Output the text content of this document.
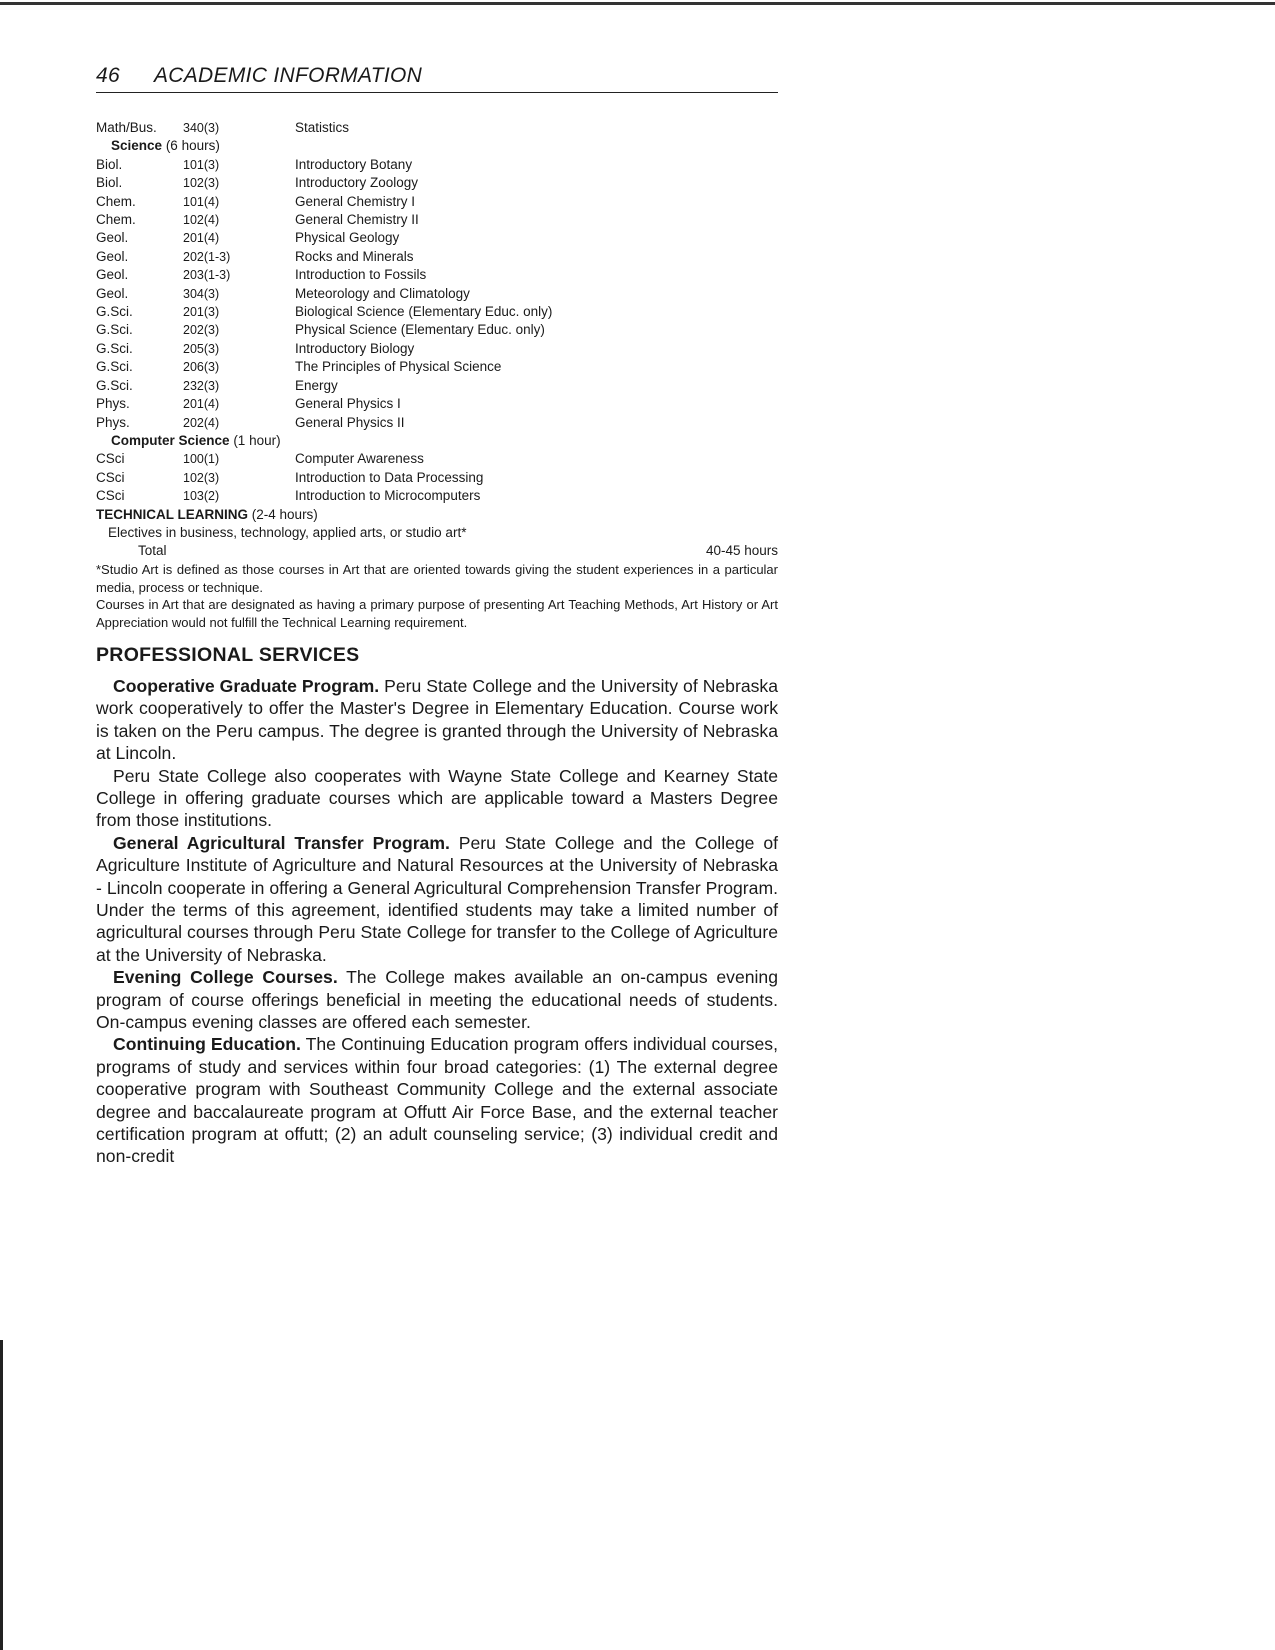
46 ACADEMIC INFORMATION
Math/Bus.	340(3)	Statistics
Science (6 hours)
Biol.	101(3)	Introductory Botany
Biol.	102(3)	Introductory Zoology
Chem.	101(4)	General Chemistry I
Chem.	102(4)	General Chemistry II
Geol.	201(4)	Physical Geology
Geol.	202(1-3)	Rocks and Minerals
Geol.	203(1-3)	Introduction to Fossils
Geol.	304(3)	Meteorology and Climatology
G.Sci.	201(3)	Biological Science (Elementary Educ. only)
G.Sci.	202(3)	Physical Science (Elementary Educ. only)
G.Sci.	205(3)	Introductory Biology
G.Sci.	206(3)	The Principles of Physical Science
G.Sci.	232(3)	Energy
Phys.	201(4)	General Physics I
Phys.	202(4)	General Physics II
Computer Science (1 hour)
CSci	100(1)	Computer Awareness
CSci	102(3)	Introduction to Data Processing
CSci	103(2)	Introduction to Microcomputers
TECHNICAL LEARNING (2-4 hours)
Electives in business, technology, applied arts, or studio art*
Total	40-45 hours

*Studio Art is defined as those courses in Art that are oriented towards giving the student experiences in a particular media, process or technique.

Courses in Art that are designated as having a primary purpose of presenting Art Teaching Methods, Art History or Art Appreciation would not fulfill the Technical Learning requirement.

PROFESSIONAL SERVICES

Cooperative Graduate Program. Peru State College and the University of Nebraska work cooperatively to offer the Master's Degree in Elementary Education. Course work is taken on the Peru campus. The degree is granted through the University of Nebraska at Lincoln.

Peru State College also cooperates with Wayne State College and Kearney State College in offering graduate courses which are applicable toward a Masters Degree from those institutions.

General Agricultural Transfer Program. Peru State College and the College of Agriculture Institute of Agriculture and Natural Resources at the University of Nebraska - Lincoln cooperate in offering a General Agricultural Comprehension Transfer Program. Under the terms of this agreement, identified students may take a limited number of agricultural courses through Peru State College for transfer to the College of Agriculture at the University of Nebraska.

Evening College Courses. The College makes available an on-campus evening program of course offerings beneficial in meeting the educational needs of students. On-campus evening classes are offered each semester.

Continuing Education. The Continuing Education program offers individual courses, programs of study and services within four broad categories: (1) The external degree cooperative program with Southeast Community College and the external associate degree and baccalaureate program at Offutt Air Force Base, and the external teacher certification program at offutt; (2) an adult counseling service; (3) individual credit and non-credit
